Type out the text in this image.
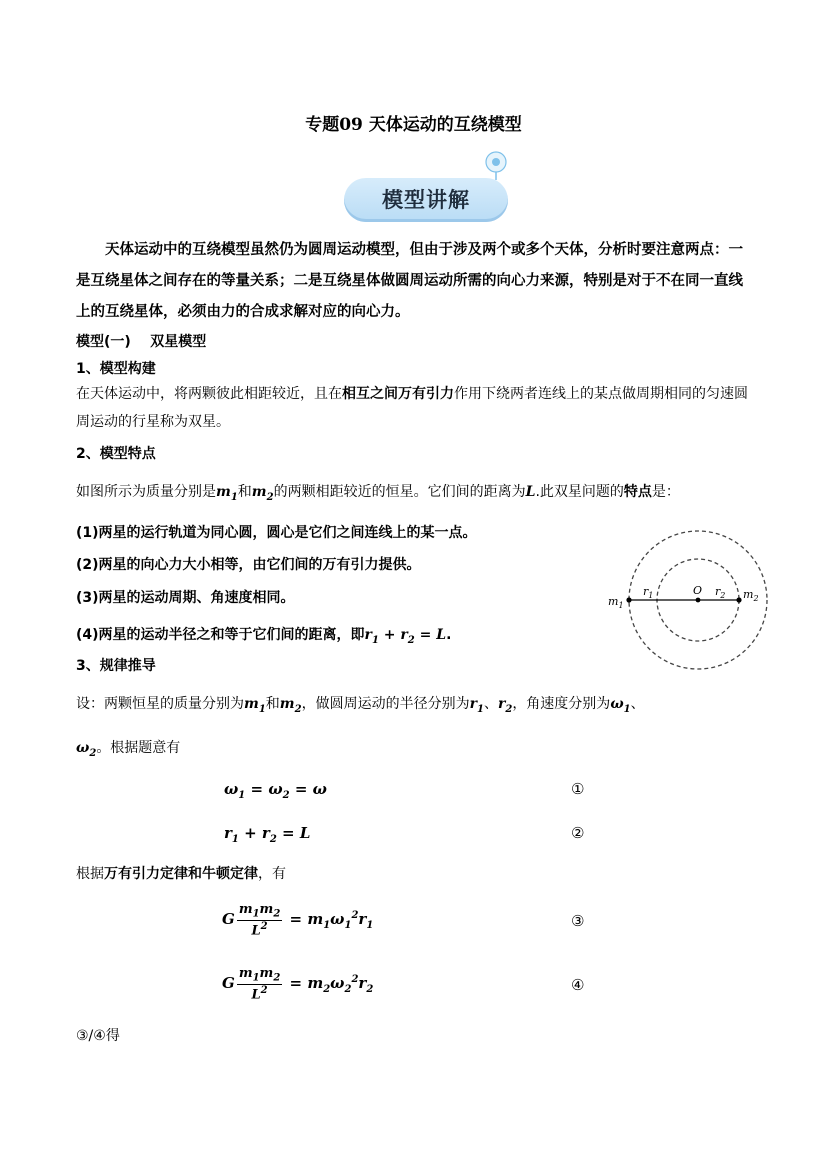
专题09 天体运动的互绕模型
模型讲解
天体运动中的互绕模型虽然仍为圆周运动模型，但由于涉及两个或多个天体，分析时要注意两点：一是互绕星体之间存在的等量关系；二是互绕星体做圆周运动所需的向心力来源，特别是对于不在同一直线上的互绕星体，必须由力的合成求解对应的向心力。
模型(一) 双星模型
1、模型构建
在天体运动中，将两颗彼此相距较近，且在相互之间万有引力作用下绕两者连线上的某点做周期相同的匀速圆周运动的行星称为双星。
2、模型特点
如图所示为质量分别是$m_1$和$m_2$的两颗相距较近的恒星。它们间的距离为L.此双星问题的特点是：
(1)两星的运行轨道为同心圆，圆心是它们之间连线上的某一点。
(2)两星的向心力大小相等，由它们间的万有引力提供。
(3)两星的运动周期、角速度相同。
(4)两星的运动半径之和等于它们间的距离，即$r_1 + r_2 = L$.
$m_1$
$r_1$	O $r_2$ $m_2$
3、规律推导
设：两颗恒星的质量分别为$m_1$和$m_2$，做圆周运动的半径分别为$r_1$、$r_2$，角速度分别为$\omega_1$、
$\omega_2$。根据题意有
$\omega_1 = \omega_2 = \omega$	①
$r_1 + r_2 = L$	②
根据万有引力定律和牛顿定律，有
G $\frac{m_1m_2}{L^2} = m_1\omega_1^2r_1$	③
G $\frac{m_1m_2}{L^2} = m_2\omega_2^2r_2$	④
③/④得
